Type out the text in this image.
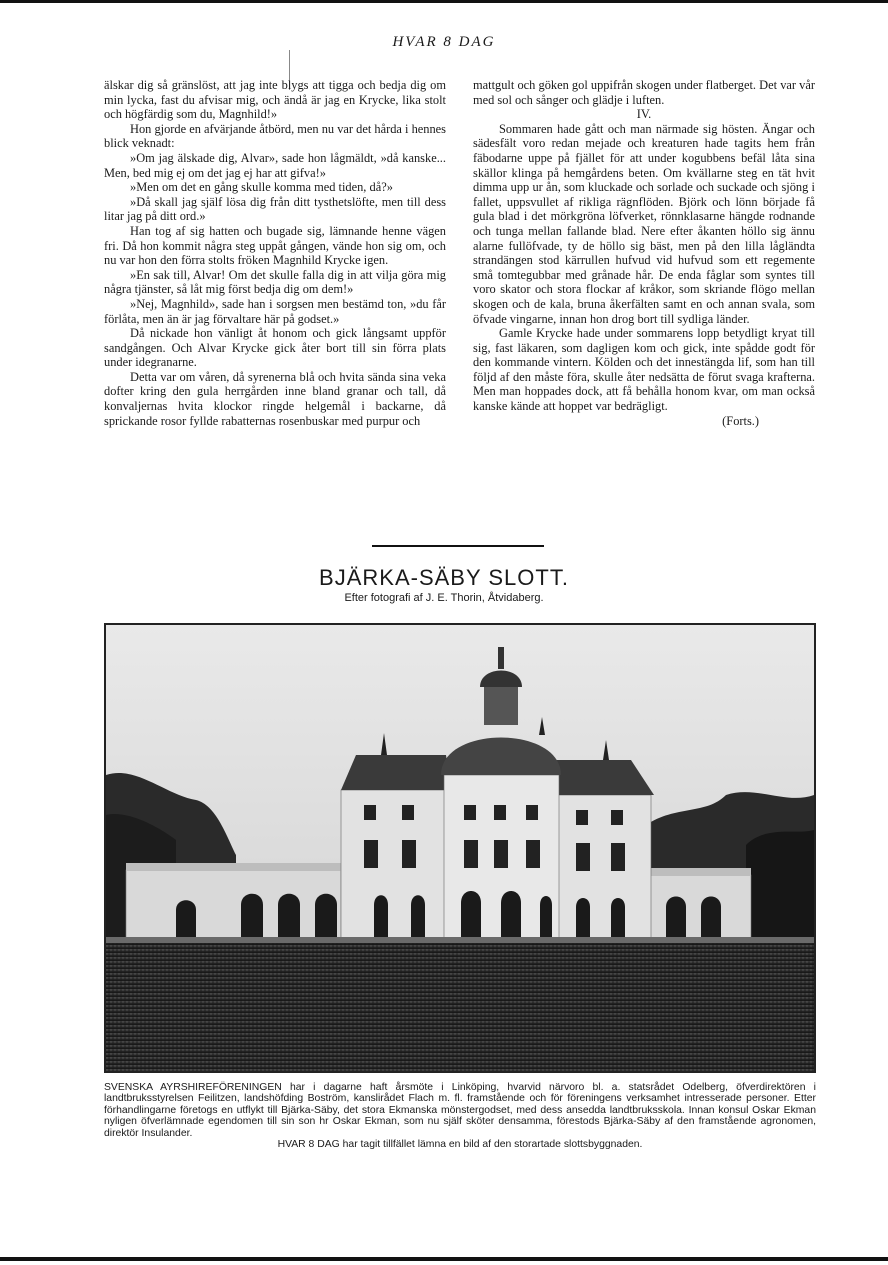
HVAR 8 DAG

älskar dig så gränslöst, att jag inte blygs att tigga och bedja dig om min lycka, fast du afvisar mig, och ändå är jag en Krycke, lika stolt och högfärdig som du, Magnhild!»

Hon gjorde en afvärjande åtbörd, men nu var det hårda i hennes blick veknadt:

»Om jag älskade dig, Alvar», sade hon lågmäldt, »då kanske... Men, bed mig ej om det jag ej har att gifva!»

»Men om det en gång skulle komma med tiden, då?»

»Då skall jag själf lösa dig från ditt tysthetslöfte, men till dess litar jag på ditt ord.»

Han tog af sig hatten och bugade sig, lämnande henne vägen fri. Då hon kommit några steg uppåt gången, vände hon sig om, och nu var hon den förra stolts fröken Magnhild Krycke igen.

»En sak till, Alvar! Om det skulle falla dig in att vilja göra mig några tjänster, så låt mig först bedja dig om dem!»

»Nej, Magnhild», sade han i sorgsen men bestämd ton, »du får förlåta, men än är jag förvaltare här på godset.»

Då nickade hon vänligt åt honom och gick långsamt uppför sandgången. Och Alvar Krycke gick åter bort till sin förra plats under idegranarne.

Detta var om våren, då syrenerna blå och hvita sända sina veka dofter kring den gula herrgården inne bland granar och tall, då konvaljernas hvita klockor ringde helgemål i backarne, då sprickande rosor fyllde rabatternas rosenbuskar med purpur och

mattgult och göken gol uppifrån skogen under flatberget. Det var vår med sol och sånger och glädje i luften.

IV.

Sommaren hade gått och man närmade sig hösten. Ängar och sädesfält voro redan mejade och kreaturen hade tagits hem från fäbodarne uppe på fjället för att under kogubbens befäl låta sina skällor klinga på hemgårdens beten. Om kvällarne steg en tät hvit dimma upp ur ån, som kluckade och sorlade och suckade och sjöng i fallet, uppsvullet af rikliga rägnflöden. Björk och lönn började få gula blad i det mörkgröna löfverket, rönnklasarne hängde rodnande och tunga mellan fallande blad. Nere efter åkanten höllo sig ännu alarne fullöfvade, ty de höllo sig bäst, men på den lilla lågländta strandängen stod kärrullen hufvud vid hufvud som ett regemente små tomtegubbar med grånade hår. De enda fåglar som syntes till voro skator och stora flockar af kråkor, som skriande flögo mellan skogen och de kala, bruna åkerfälten samt en och annan svala, som öfvade vingarne, innan hon drog bort till sydliga länder.

Gamle Krycke hade under sommarens lopp betydligt kryat till sig, fast läkaren, som dagligen kom och gick, inte spådde godt för den kommande vintern. Kölden och det innestängda lif, som han till följd af den måste föra, skulle åter nedsätta de förut svaga krafterna. Men man hoppades dock, att få behålla honom kvar, om man också kanske kände att hoppet var bedrägligt.

(Forts.)

BJÄRKA-SÄBY SLOTT.
Efter fotografi af J. E. Thorin, Åtvidaberg.
SVENSKA AYRSHIREFÖRENINGEN har i dagarne haft årsmöte i Linköping, hvarvid närvoro bl. a. statsrådet Odelberg, öfverdirektören i landtbruksstyrelsen Feilitzen, landshöfding Boström, kanslirådet Flach m. fl. framstående och för föreningens verksamhet intresserade personer. Etter förhandlingarne företogs en utflykt till Bjärka-Säby, det stora Ekmanska mönstergodset, med dess ansedda landtbruksskola. Innan konsul Oskar Ekman nyligen öfverlämnade egendomen till sin son hr Oskar Ekman, som nu själf sköter densamma, förestods Bjärka-Säby af den framstående agronomen, direktör Insulander.
HVAR 8 DAG har tagit tillfället lämna en bild af den storartade slottsbyggnaden.
